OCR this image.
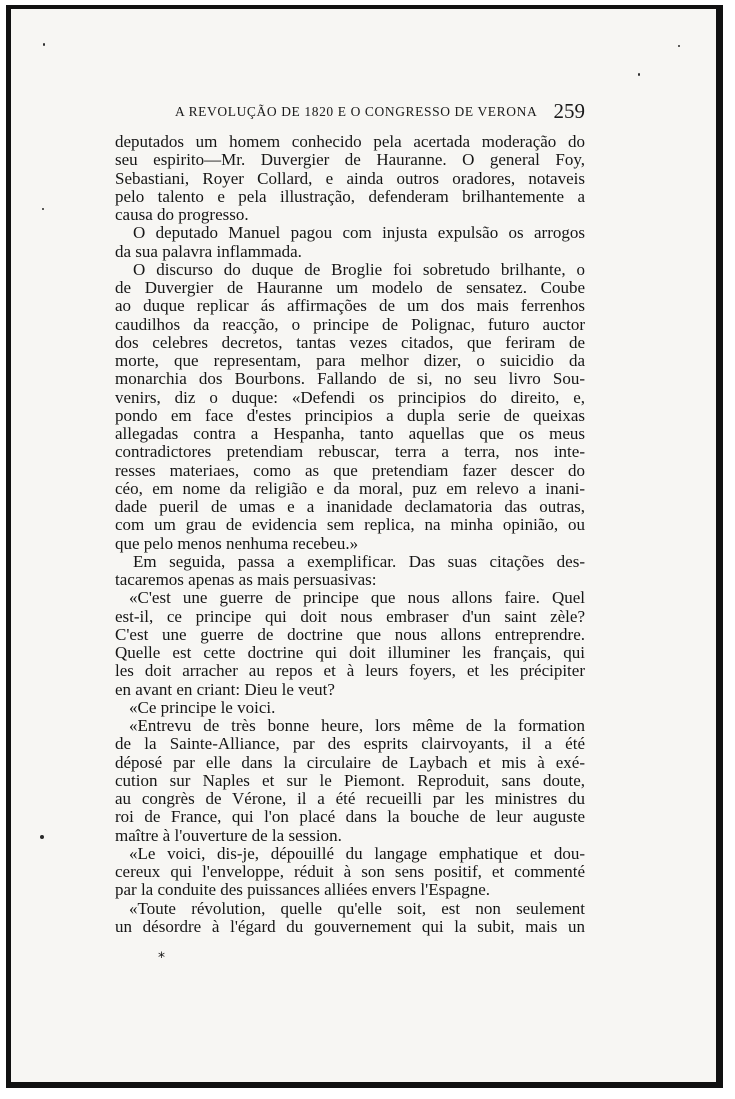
A REVOLUÇÃO DE 1820 E O CONGRESSO DE VERONA 259
deputados um homem conhecido pela acertada moderação do
seu espirito—Mr. Duvergier de Hauranne. O general Foy,
Sebastiani, Royer Collard, e ainda outros oradores, notaveis
pelo talento e pela illustração, defenderam brilhantemente a
causa do progresso.
O deputado Manuel pagou com injusta expulsão os arrogos
da sua palavra inflammada.
O discurso do duque de Broglie foi sobretudo brilhante, o
de Duvergier de Hauranne um modelo de sensatez. Coube
ao duque replicar ás affirmações de um dos mais ferrenhos
caudilhos da reacção, o principe de Polignac, futuro auctor
dos celebres decretos, tantas vezes citados, que feriram de
morte, que representam, para melhor dizer, o suicidio da
monarchia dos Bourbons. Fallando de si, no seu livro Sou-
venirs, diz o duque: «Defendi os principios do direito, e,
pondo em face d'estes principios a dupla serie de queixas
allegadas contra a Hespanha, tanto aquellas que os meus
contradictores pretendiam rebuscar, terra a terra, nos inte-
resses materiaes, como as que pretendiam fazer descer do
céo, em nome da religião e da moral, puz em relevo a inani-
dade pueril de umas e a inanidade declamatoria das outras,
com um grau de evidencia sem replica, na minha opinião, ou
que pelo menos nenhuma recebeu.»
Em seguida, passa a exemplificar. Das suas citações des-
tacaremos apenas as mais persuasivas:
«C'est une guerre de principe que nous allons faire. Quel
est-il, ce principe qui doit nous embraser d'un saint zèle?
C'est une guerre de doctrine que nous allons entreprendre.
Quelle est cette doctrine qui doit illuminer les français, qui
les doit arracher au repos et à leurs foyers, et les précipiter
en avant en criant: Dieu le veut?
«Ce principe le voici.
«Entrevu de très bonne heure, lors même de la formation
de la Sainte-Alliance, par des esprits clairvoyants, il a été
déposé par elle dans la circulaire de Laybach et mis à exé-
cution sur Naples et sur le Piemont. Reproduit, sans doute,
au congrès de Vérone, il a été recueilli par les ministres du
roi de France, qui l'on placé dans la bouche de leur auguste
maître à l'ouverture de la session.
«Le voici, dis-je, dépouillé du langage emphatique et dou-
cereux qui l'enveloppe, réduit à son sens positif, et commenté
par la conduite des puissances alliées envers l'Espagne.
«Toute révolution, quelle qu'elle soit, est non seulement
un désordre à l'égard du gouvernement qui la subit, mais un
*
